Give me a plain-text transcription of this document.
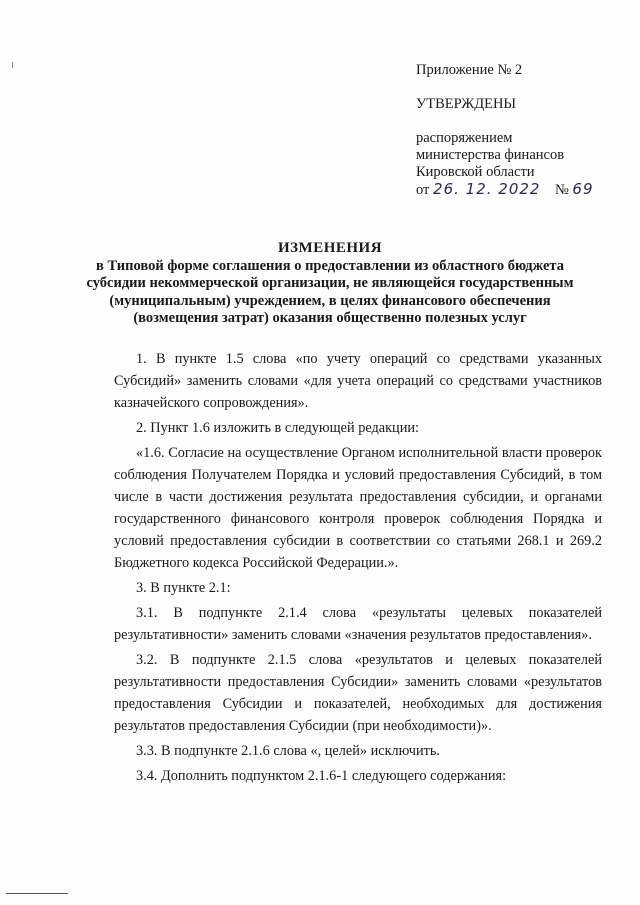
Приложение № 2
УТВЕРЖДЕНЫ
распоряжением
министерства финансов
Кировской области
от 26. 12. 2022 № 69
ИЗМЕНЕНИЯ
в Типовой форме соглашения о предоставлении из областного бюджета
субсидии некоммерческой организации, не являющейся государственным
(муниципальным) учреждением, в целях финансового обеспечения
(возмещения затрат) оказания общественно полезных услуг

1. В пункте 1.5 слова «по учету операций со средствами указанных Субсидий» заменить словами «для учета операций со средствами участников казначейского сопровождения».

2. Пункт 1.6 изложить в следующей редакции:

«1.6. Согласие на осуществление Органом исполнительной власти проверок соблюдения Получателем Порядка и условий предоставления Субсидий, в том числе в части достижения результата предоставления субсидии, и органами государственного финансового контроля проверок соблюдения Порядка и условий предоставления субсидии в соответствии со статьями 268.1 и 269.2 Бюджетного кодекса Российской Федерации.».

3. В пункте 2.1:

3.1. В подпункте 2.1.4 слова «результаты целевых показателей результативности» заменить словами «значения результатов предоставления».

3.2. В подпункте 2.1.5 слова «результатов и целевых показателей результативности предоставления Субсидии» заменить словами «результатов предоставления Субсидии и показателей, необходимых для достижения результатов предоставления Субсидии (при необходимости)».

3.3. В подпункте 2.1.6 слова «, целей» исключить.

3.4. Дополнить подпунктом 2.1.6-1 следующего содержания:
